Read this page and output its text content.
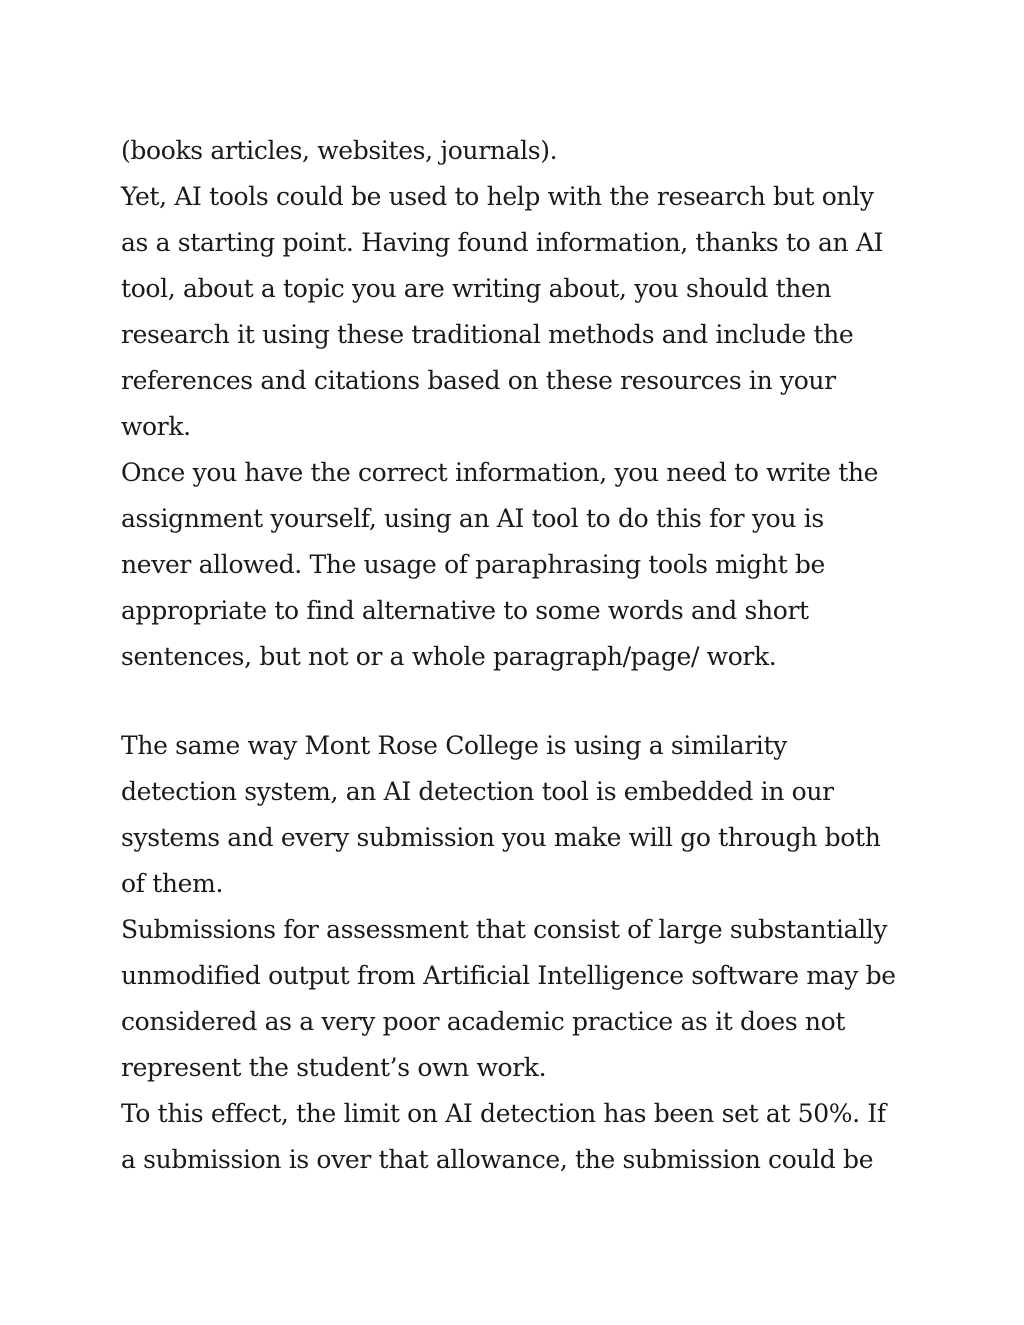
(books articles, websites, journals).
Yet, AI tools could be used to help with the research but only
as a starting point. Having found information, thanks to an AI
tool, about a topic you are writing about, you should then
research it using these traditional methods and include the
references and citations based on these resources in your
work.
Once you have the correct information, you need to write the
assignment yourself, using an AI tool to do this for you is
never allowed. The usage of paraphrasing tools might be
appropriate to find alternative to some words and short
sentences, but not or a whole paragraph/page/ work.
The same way Mont Rose College is using a similarity
detection system, an AI detection tool is embedded in our
systems and every submission you make will go through both
of them.
Submissions for assessment that consist of large substantially
unmodified output from Artificial Intelligence software may be
considered as a very poor academic practice as it does not
represent the student’s own work.
To this effect, the limit on AI detection has been set at 50%. If
a submission is over that allowance, the submission could be
